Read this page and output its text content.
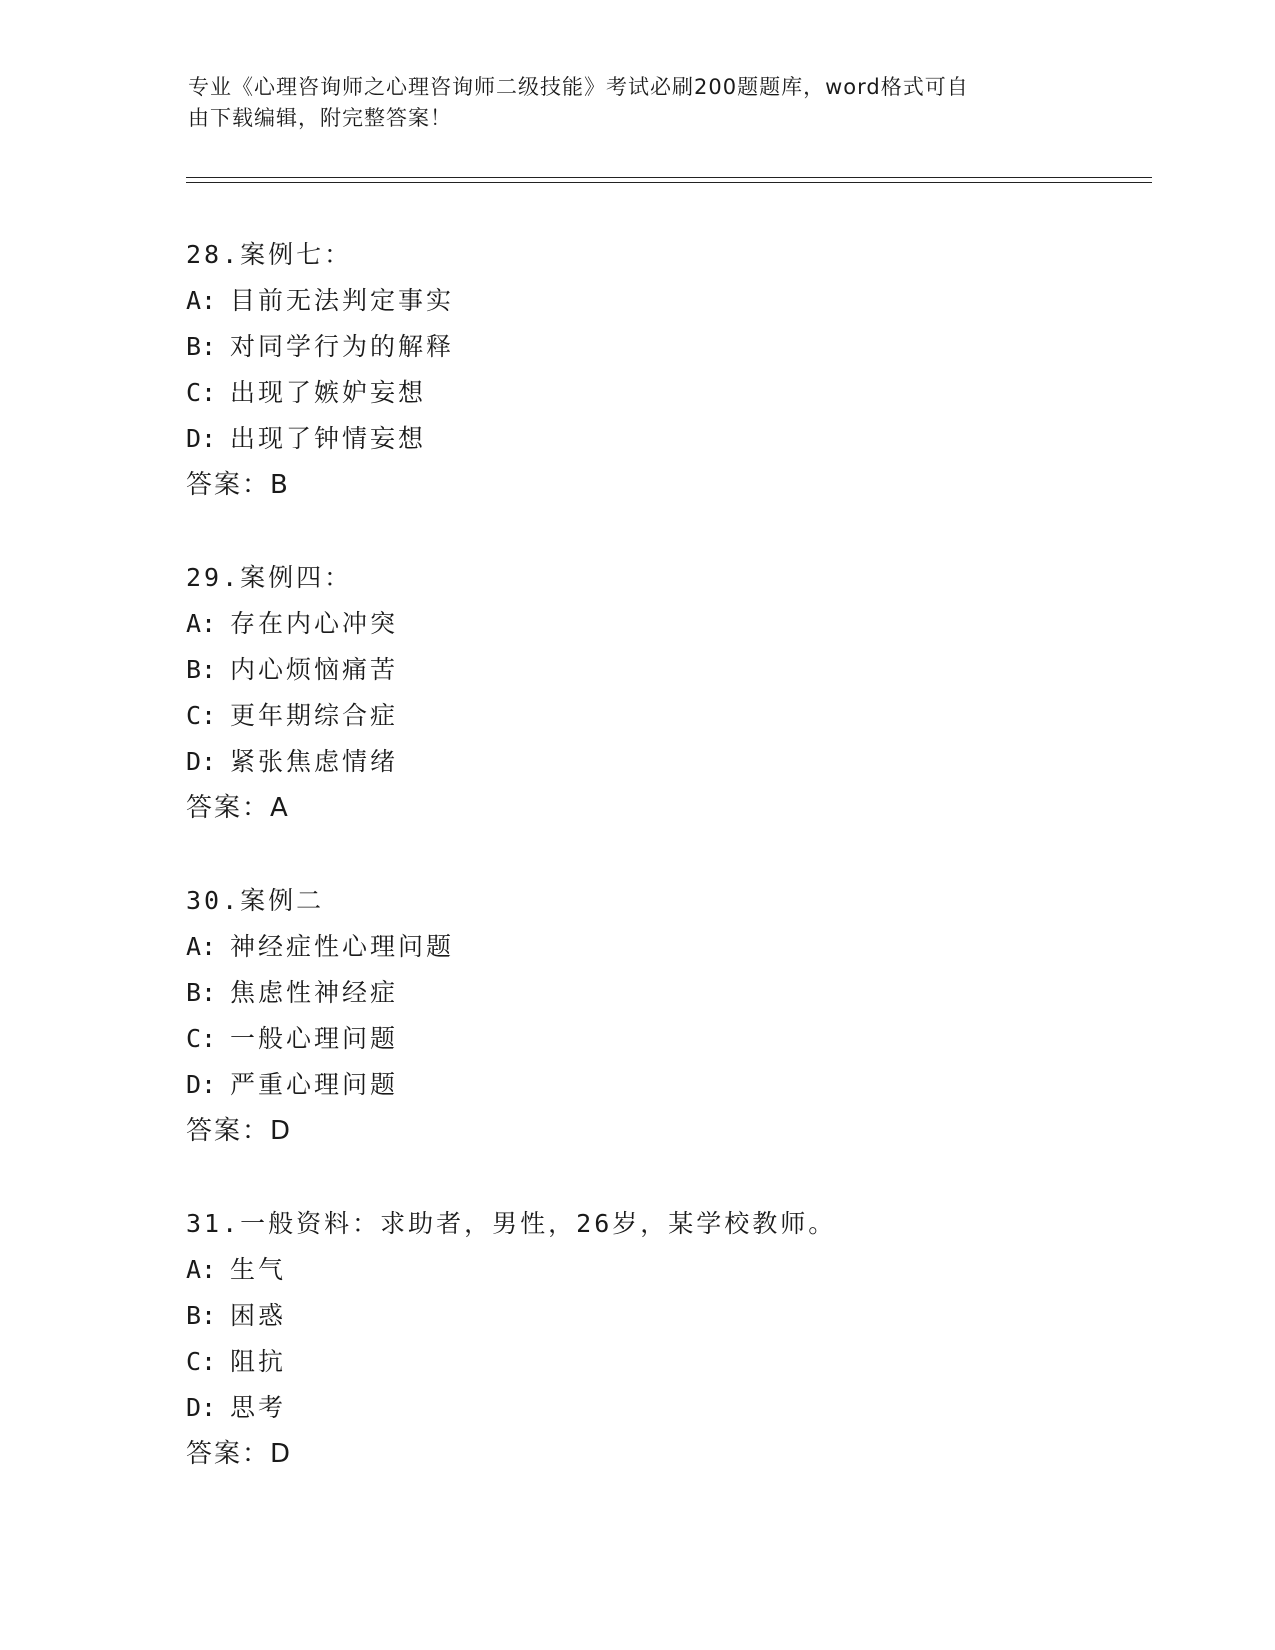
专业《心理咨询师之心理咨询师二级技能》考试必刷200题题库，word格式可自
由下载编辑，附完整答案！
28.案例七：
A: 目前无法判定事实
B: 对同学行为的解释
C: 出现了嫉妒妄想
D: 出现了钟情妄想
答案：B
29.案例四：
A: 存在内心冲突
B: 内心烦恼痛苦
C: 更年期综合症
D: 紧张焦虑情绪
答案：A
30.案例二
A: 神经症性心理问题
B: 焦虑性神经症
C: 一般心理问题
D: 严重心理问题
答案：D
31.一般资料：求助者，男性，26岁，某学校教师。
A: 生气
B: 困惑
C: 阻抗
D: 思考
答案：D
